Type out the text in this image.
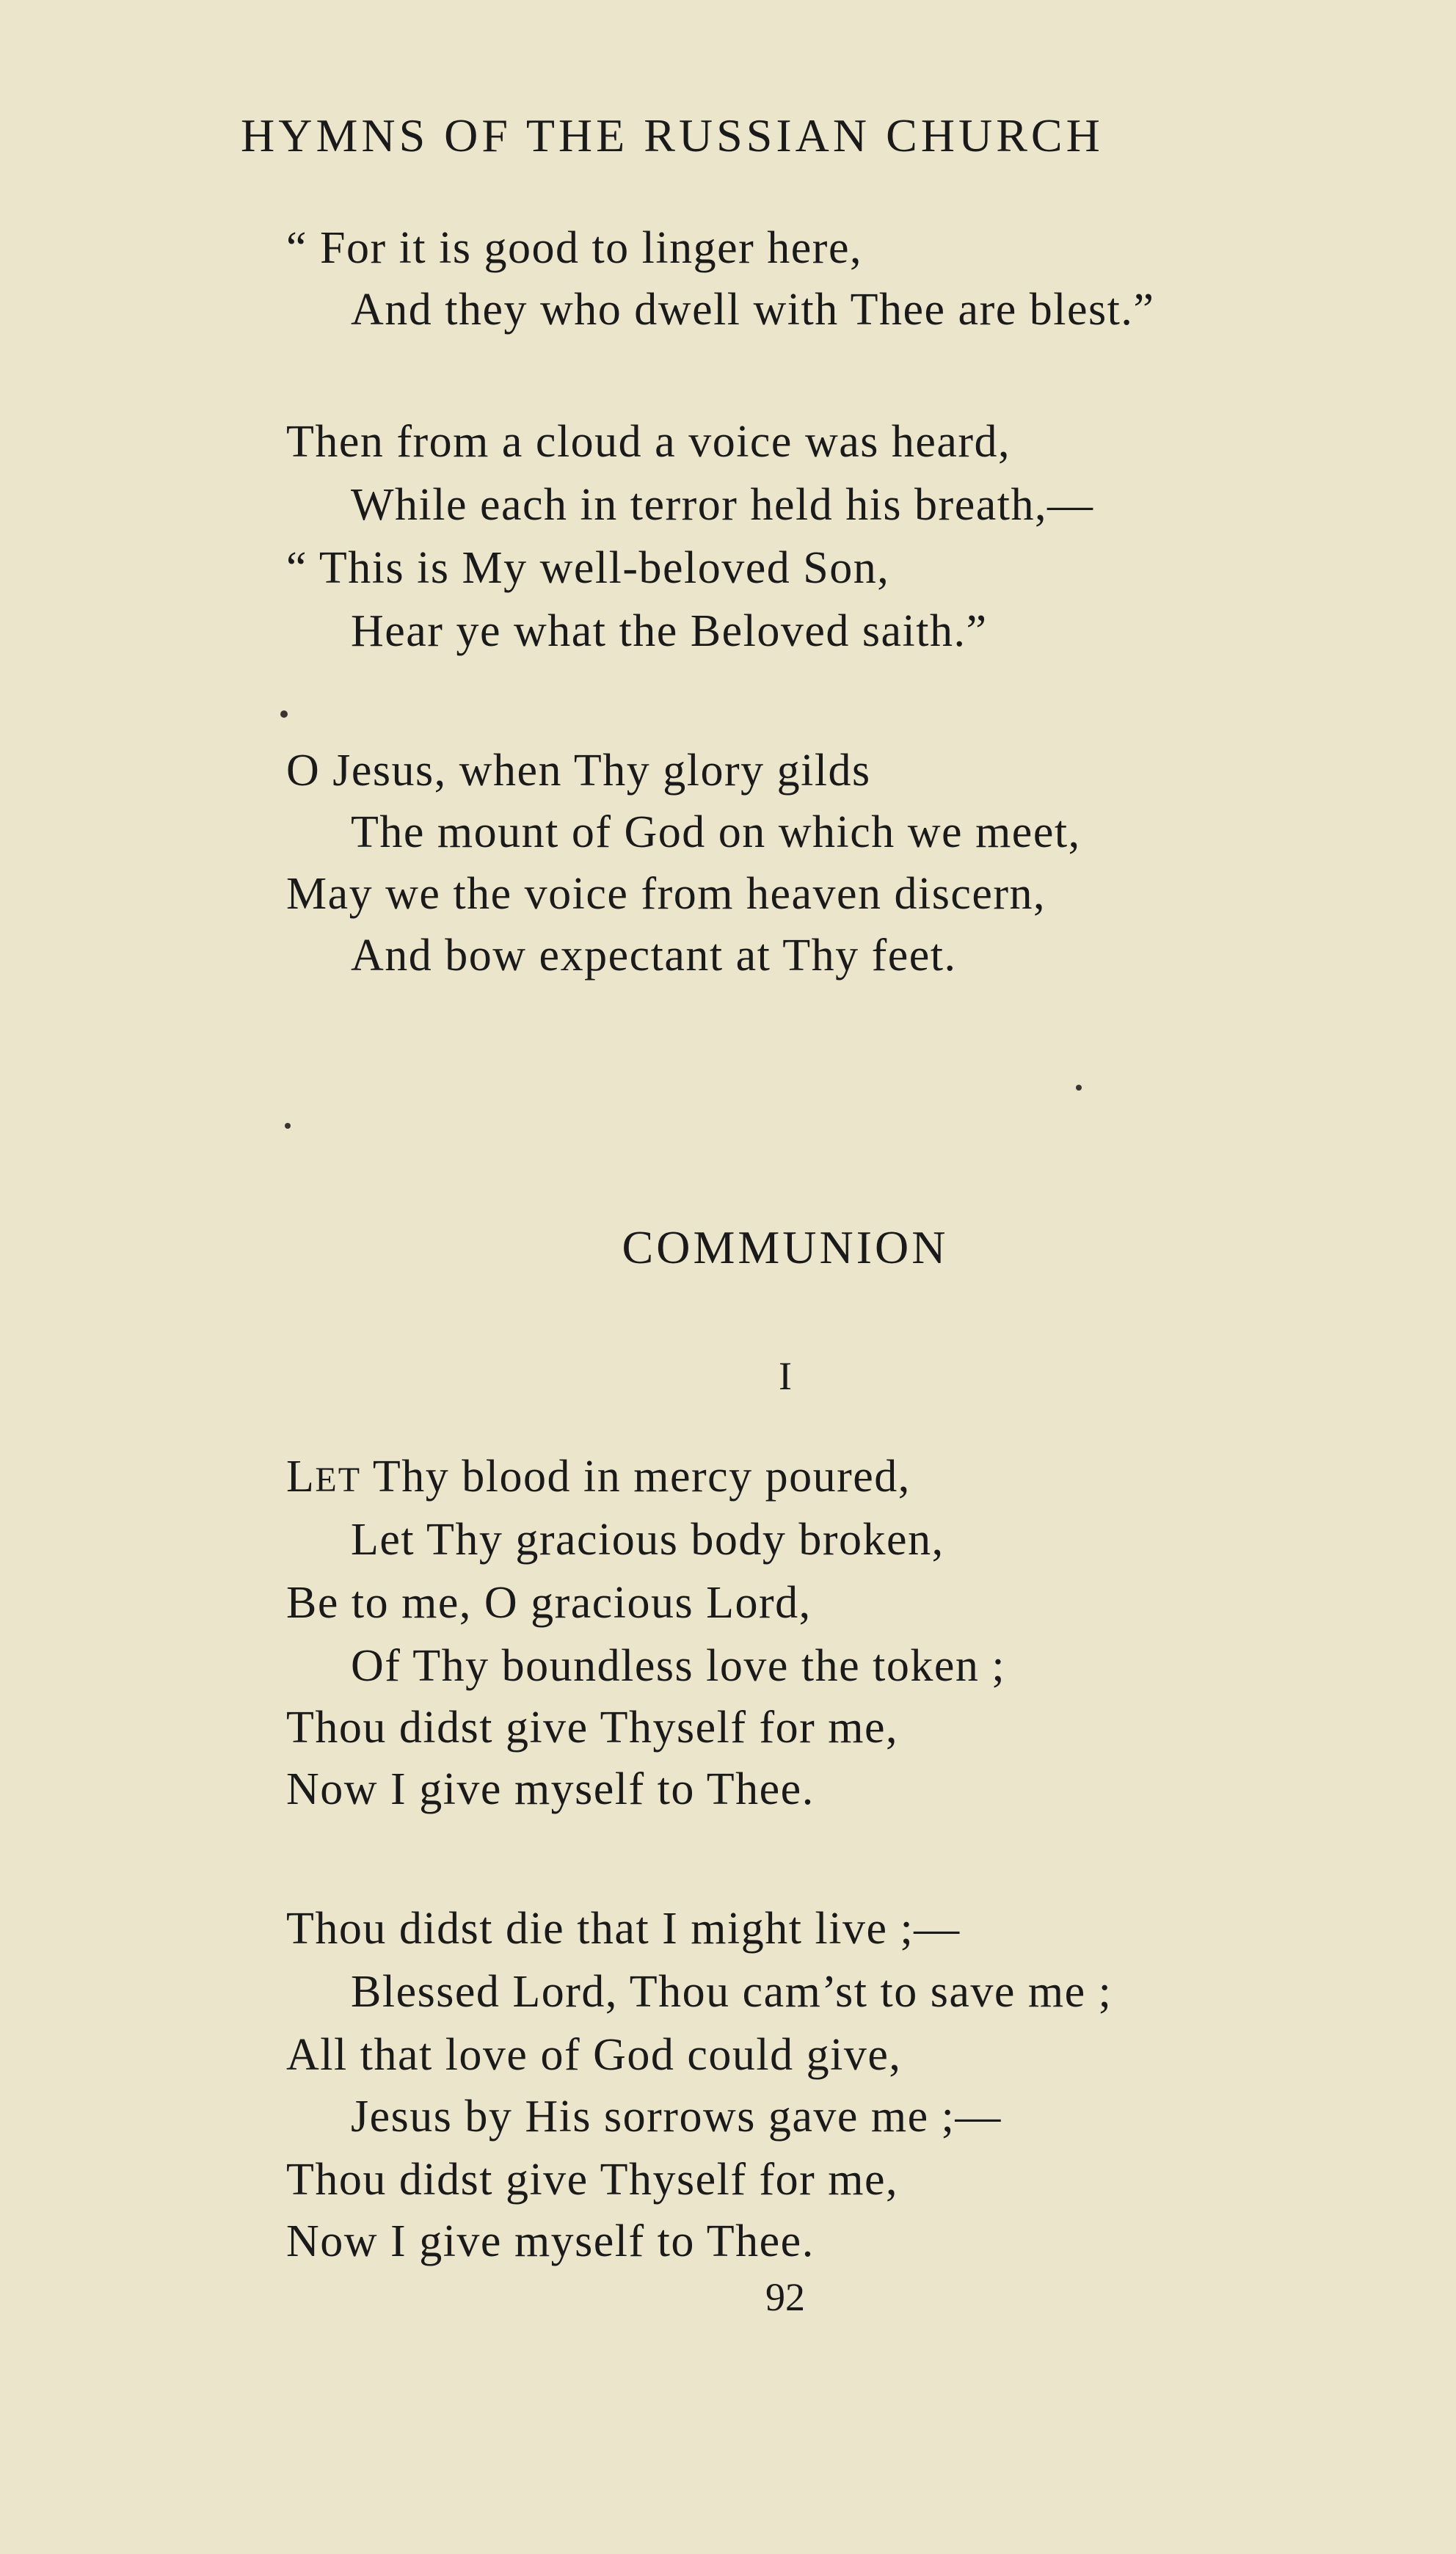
HYMNS OF THE RUSSIAN CHURCH
“ For it is good to linger here,
And they who dwell with Thee are blest.”
Then from a cloud a voice was heard,
While each in terror held his breath,—
“ This is My well-beloved Son,
Hear ye what the Beloved saith.”
O Jesus, when Thy glory gilds
The mount of God on which we meet,
May we the voice from heaven discern,
And bow expectant at Thy feet.
COMMUNION
I
LET Thy blood in mercy poured,
Let Thy gracious body broken,
Be to me, O gracious Lord,
Of Thy boundless love the token ;
Thou didst give Thyself for me,
Now I give myself to Thee.
Thou didst die that I might live ;—
Blessed Lord, Thou cam’st to save me ;
All that love of God could give,
Jesus by His sorrows gave me ;—
Thou didst give Thyself for me,
Now I give myself to Thee.
92
